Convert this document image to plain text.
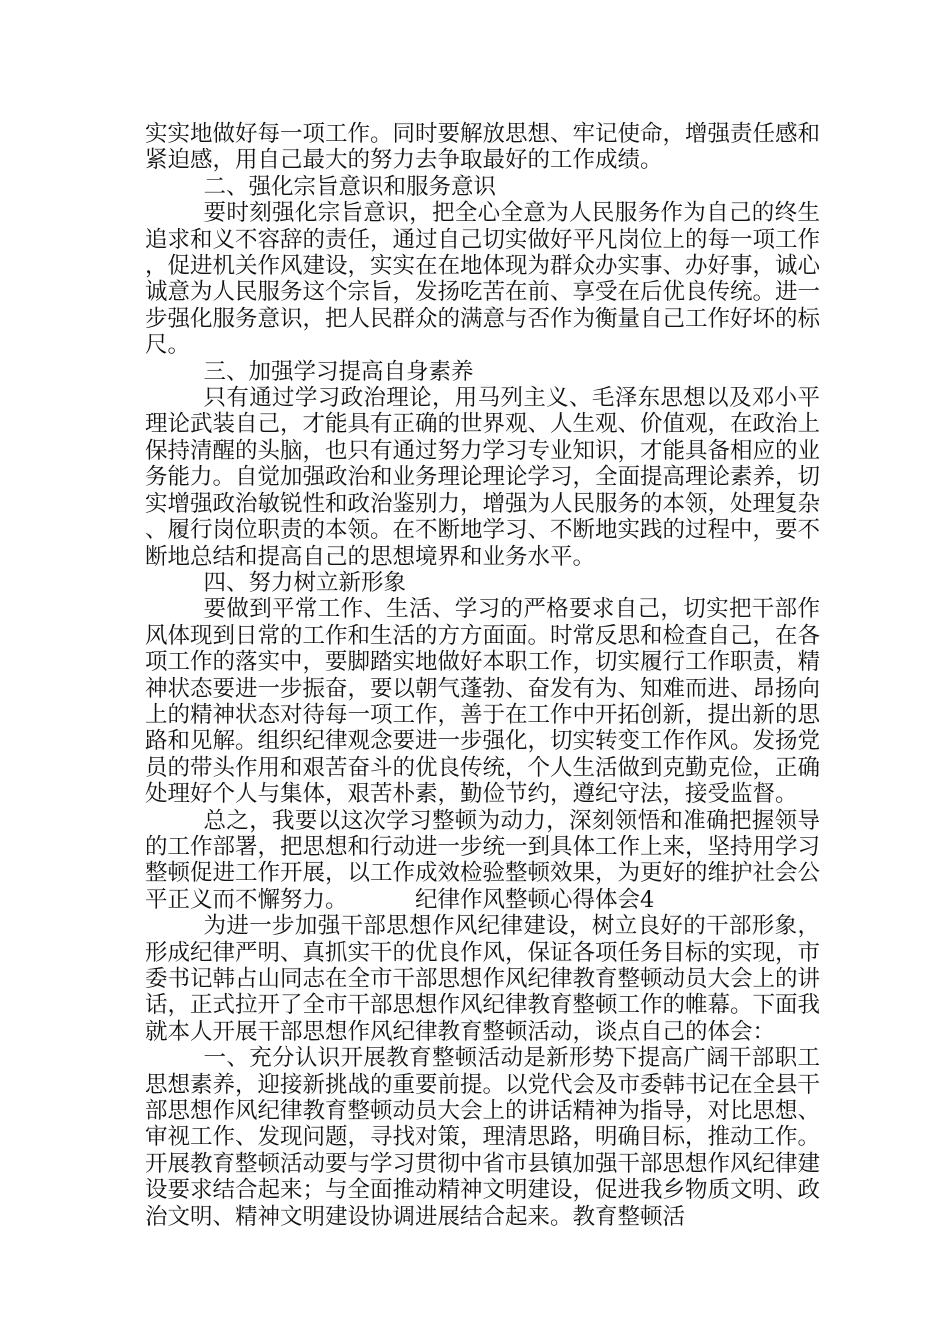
实实地做好每一项工作。同时要解放思想、牢记使命，增强责任感和紧迫感，用自己最大的努力去争取最好的工作成绩。

二、强化宗旨意识和服务意识

要时刻强化宗旨意识，把全心全意为人民服务作为自己的终生追求和义不容辞的责任，通过自己切实做好平凡岗位上的每一项工作，促进机关作风建设，实实在在地体现为群众办实事、办好事，诚心诚意为人民服务这个宗旨，发扬吃苦在前、享受在后优良传统。进一步强化服务意识，把人民群众的满意与否作为衡量自己工作好坏的标尺。

三、加强学习提高自身素养

只有通过学习政治理论，用马列主义、毛泽东思想以及邓小平理论武装自己，才能具有正确的世界观、人生观、价值观，在政治上保持清醒的头脑，也只有通过努力学习专业知识，才能具备相应的业务能力。自觉加强政治和业务理论理论学习，全面提高理论素养，切实增强政治敏锐性和政治鉴别力，增强为人民服务的本领，处理复杂、履行岗位职责的本领。在不断地学习、不断地实践的过程中，要不断地总结和提高自己的思想境界和业务水平。

四、努力树立新形象

要做到平常工作、生活、学习的严格要求自己，切实把干部作风体现到日常的工作和生活的方方面面。时常反思和检查自己，在各项工作的落实中，要脚踏实地做好本职工作，切实履行工作职责，精神状态要进一步振奋，要以朝气蓬勃、奋发有为、知难而进、昂扬向上的精神状态对待每一项工作，善于在工作中开拓创新，提出新的思路和见解。组织纪律观念要进一步强化，切实转变工作作风。发扬党员的带头作用和艰苦奋斗的优良传统，个人生活做到克勤克俭，正确处理好个人与集体，艰苦朴素，勤俭节约，遵纪守法，接受监督。

总之，我要以这次学习整顿为动力，深刻领悟和准确把握领导的工作部署，把思想和行动进一步统一到具体工作上来，坚持用学习整顿促进工作开展，以工作成效检验整顿效果，为更好的维护社会公平正义而不懈努力。	纪律作风整顿心得体会4

为进一步加强干部思想作风纪律建设，树立良好的干部形象，形成纪律严明、真抓实干的优良作风，保证各项任务目标的实现，市委书记韩占山同志在全市干部思想作风纪律教育整顿动员大会上的讲话，正式拉开了全市干部思想作风纪律教育整顿工作的帷幕。下面我就本人开展干部思想作风纪律教育整顿活动，谈点自己的体会：

一、充分认识开展教育整顿活动是新形势下提高广阔干部职工思想素养，迎接新挑战的重要前提。以党代会及市委韩书记在全县干部思想作风纪律教育整顿动员大会上的讲话精神为指导，对比思想、审视工作、发现问题，寻找对策，理清思路，明确目标，推动工作。开展教育整顿活动要与学习贯彻中省市县镇加强干部思想作风纪律建设要求结合起来；与全面推动精神文明建设，促进我乡物质文明、政治文明、精神文明建设协调进展结合起来。教育整顿活
